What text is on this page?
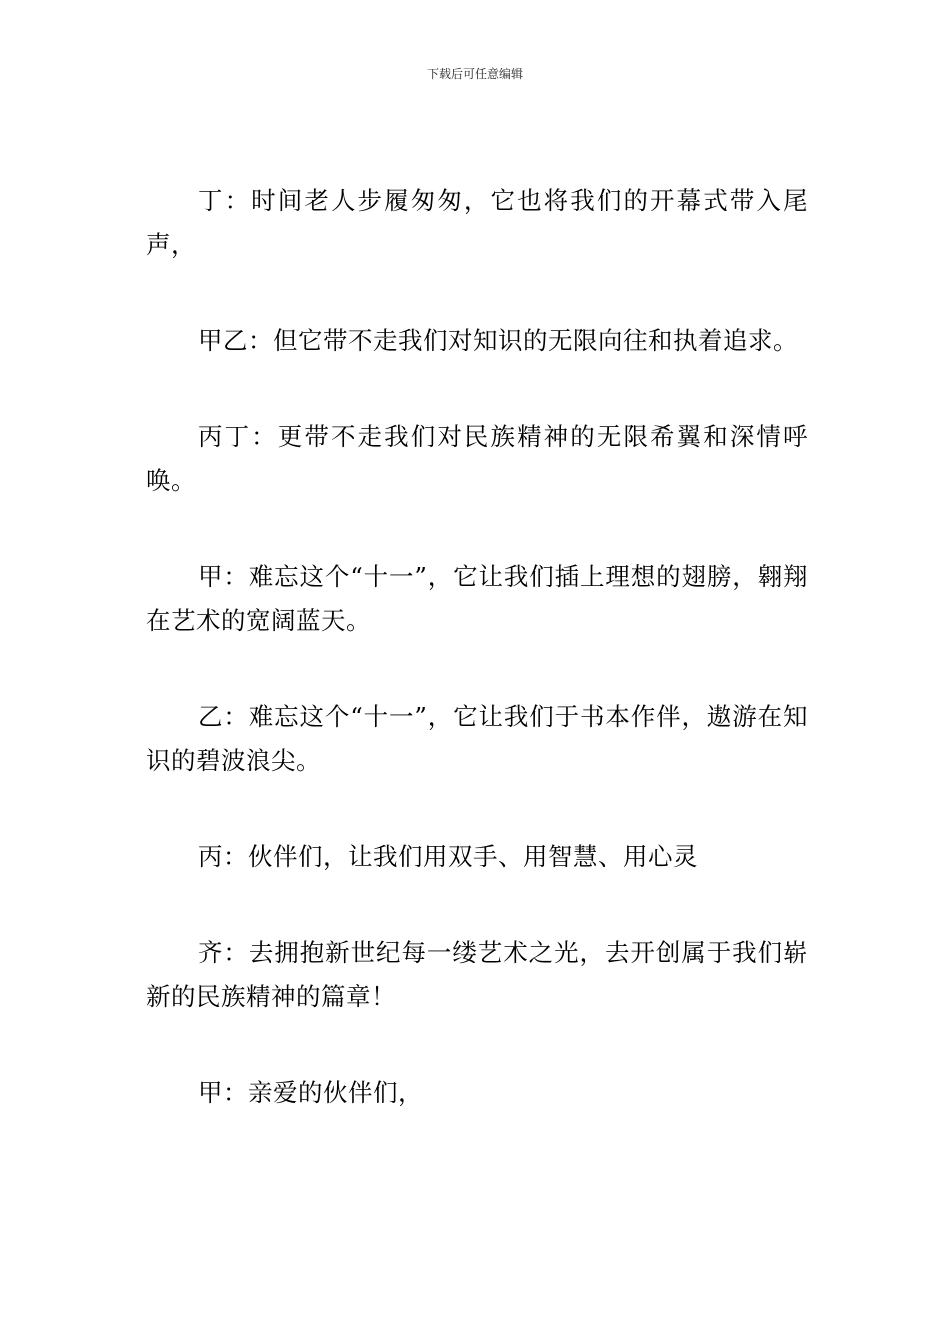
下载后可任意编辑

丁：时间老人步履匆匆，它也将我们的开幕式带入尾声，

甲乙：但它带不走我们对知识的无限向往和执着追求。

丙丁：更带不走我们对民族精神的无限希翼和深情呼唤。

甲：难忘这个“十一”，它让我们插上理想的翅膀，翱翔在艺术的宽阔蓝天。

乙：难忘这个“十一”，它让我们于书本作伴，遨游在知识的碧波浪尖。

丙：伙伴们，让我们用双手、用智慧、用心灵

齐：去拥抱新世纪每一缕艺术之光，去开创属于我们崭新的民族精神的篇章！

甲：亲爱的伙伴们，
